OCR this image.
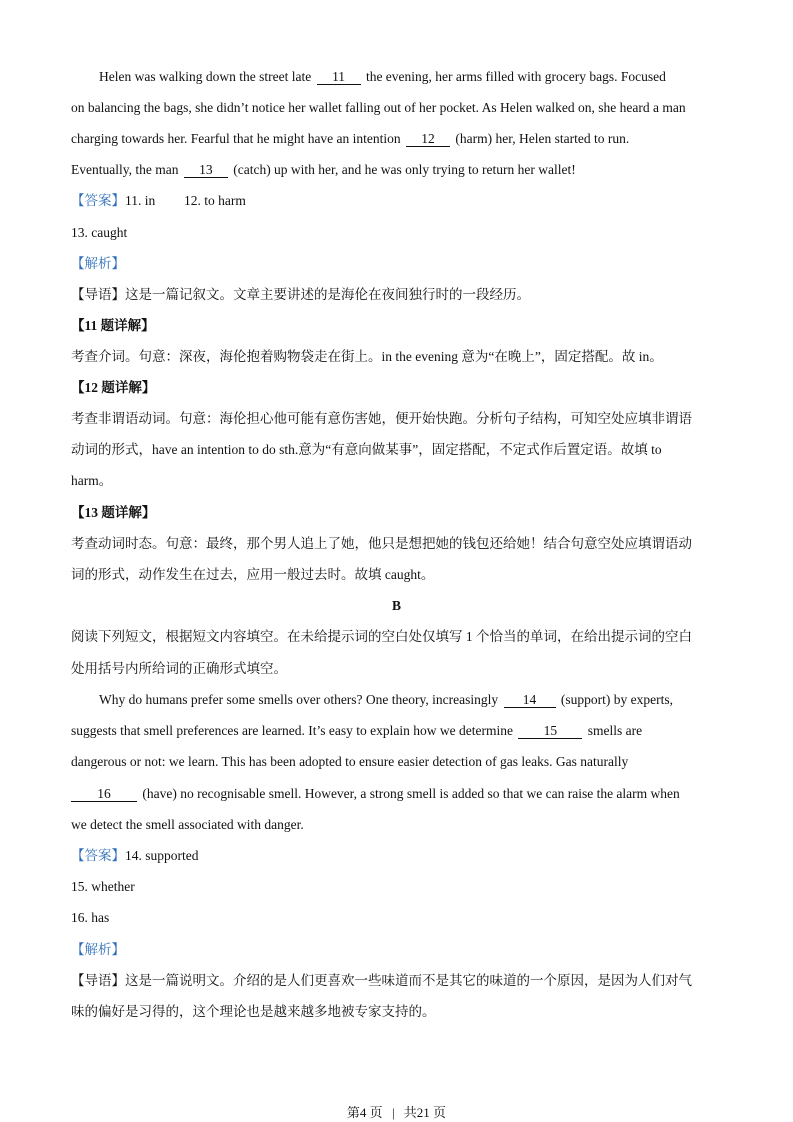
Helen was walking down the street late 11 the evening, her arms filled with grocery bags. Focused
on balancing the bags, she didn’t notice her wallet falling out of her pocket. As Helen walked on, she heard a man
charging towards her. Fearful that he might have an intention 12 (harm) her, Helen started to run.
Eventually, the man 13 (catch) up with her, and he was only trying to return her wallet!
【答案】11. in 12. to harm
13. caught
【解析】
【导语】这是一篇记叙文。文章主要讲述的是海伦在夜间独行时的一段经历。
【11 题详解】
考查介词。句意：深夜，海伦抱着购物袋走在街上。in the evening 意为“在晚上”，固定搭配。故 in。
【12 题详解】
考查非谓语动词。句意：海伦担心他可能有意伤害她，便开始快跑。分析句子结构，可知空处应填非谓语
动词的形式，have an intention to do sth.意为“有意向做某事”，固定搭配，不定式作后置定语。故填 to
harm。
【13 题详解】
考查动词时态。句意：最终，那个男人追上了她，他只是想把她的钱包还给她！结合句意空处应填谓语动
词的形式，动作发生在过去，应用一般过去时。故填 caught。
B
阅读下列短文，根据短文内容填空。在未给提示词的空白处仅填写 1 个恰当的单词，在给出提示词的空白
处用括号内所给词的正确形式填空。
Why do humans prefer some smells over others? One theory, increasingly 14 (support) by experts,
suggests that smell preferences are learned. It’s easy to explain how we determine 15 smells are
dangerous or not: we learn. This has been adopted to ensure easier detection of gas leaks. Gas naturally
16 (have) no recognisable smell. However, a strong smell is added so that we can raise the alarm when
we detect the smell associated with danger.
【答案】14. supported
15. whether
16. has
【解析】
【导语】这是一篇说明文。介绍的是人们更喜欢一些味道而不是其它的味道的一个原因，是因为人们对气
味的偏好是习得的，这个理论也是越来越多地被专家支持的。
第4 页 | 共21 页
